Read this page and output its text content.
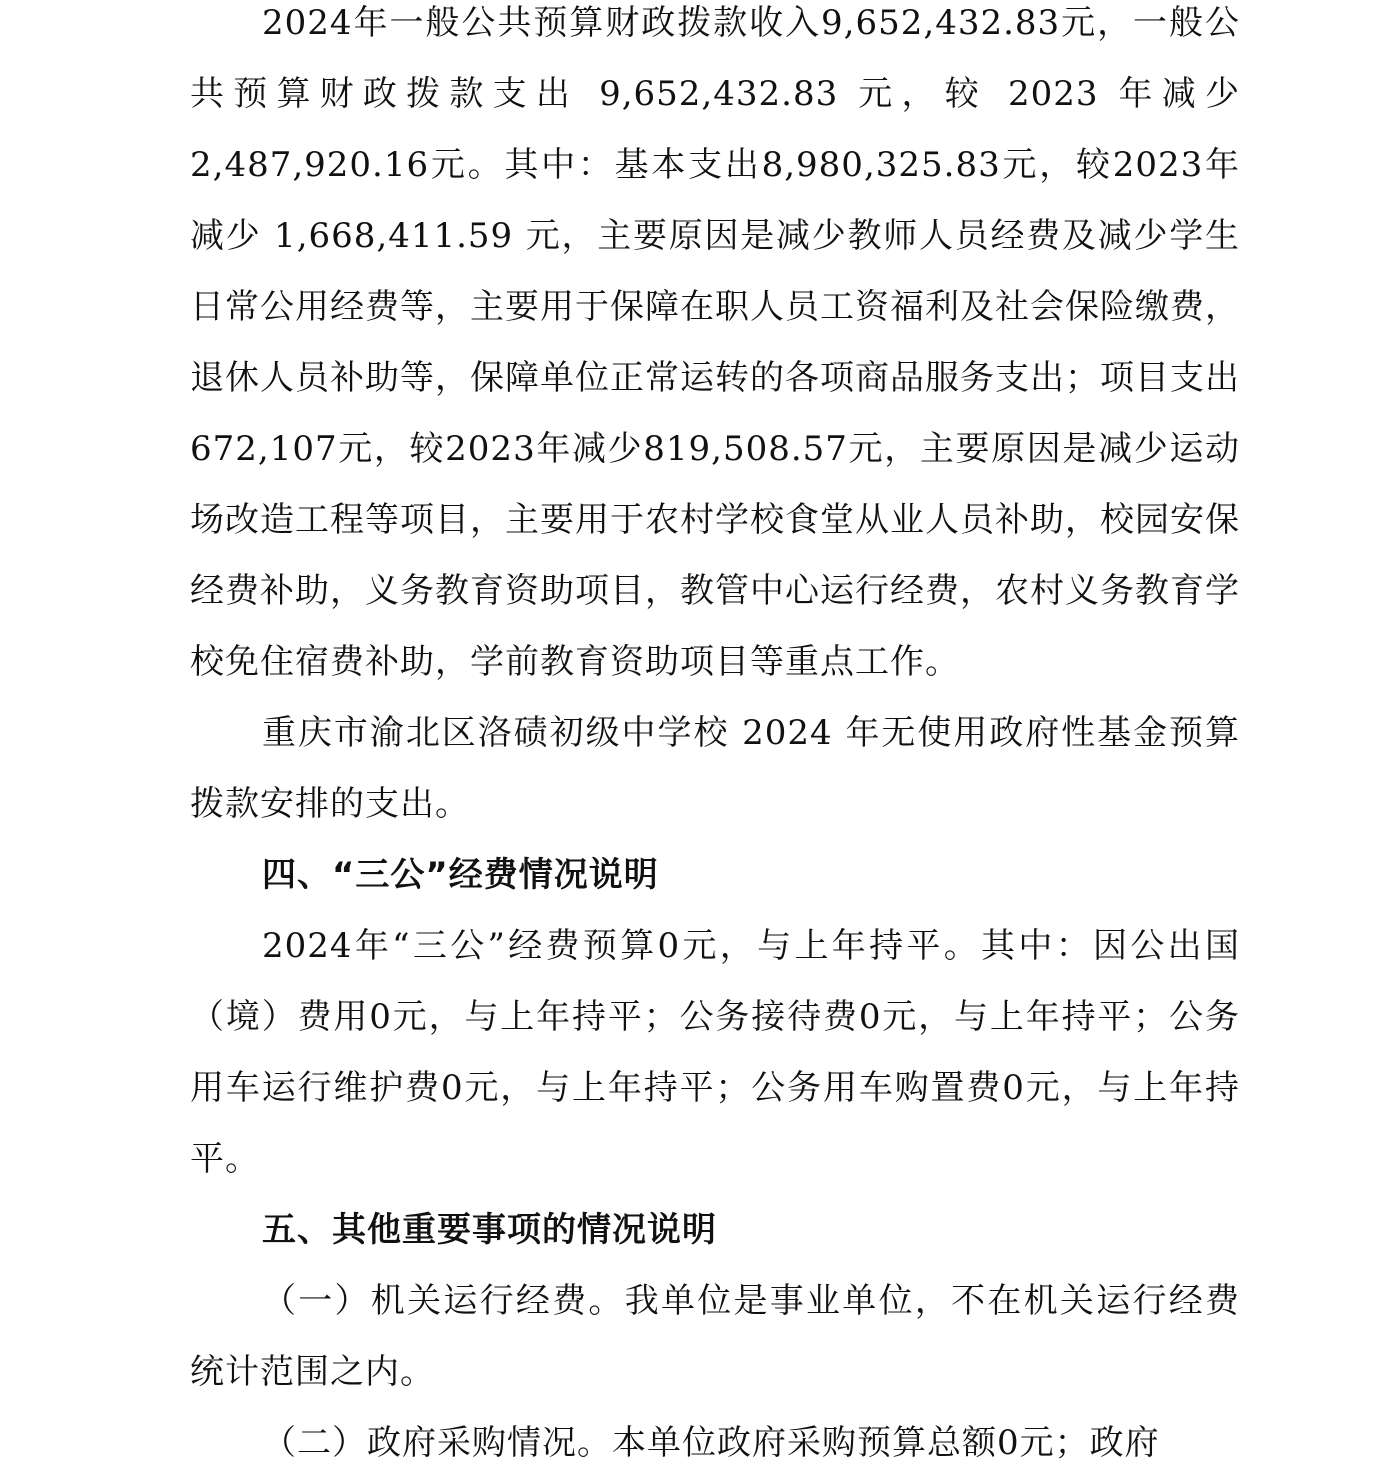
2024年一般公共预算财政拨款收入9,652,432.83元，一般公共预算财政拨款支出 9,652,432.83 元，较 2023 年减少2,487,920.16元。其中：基本支出8,980,325.83元，较2023年减少 1,668,411.59 元，主要原因是减少教师人员经费及减少学生日常公用经费等，主要用于保障在职人员工资福利及社会保险缴费，退休人员补助等，保障单位正常运转的各项商品服务支出；项目支出672,107元，较2023年减少819,508.57元，主要原因是减少运动场改造工程等项目，主要用于农村学校食堂从业人员补助，校园安保经费补助，义务教育资助项目，教管中心运行经费，农村义务教育学校免住宿费补助，学前教育资助项目等重点工作。

重庆市渝北区洛碛初级中学校 2024 年无使用政府性基金预算拨款安排的支出。

四、“三公”经费情况说明

2024年“三公”经费预算0元，与上年持平。其中：因公出国（境）费用0元，与上年持平；公务接待费0元，与上年持平；公务用车运行维护费0元，与上年持平；公务用车购置费0元，与上年持平。

五、其他重要事项的情况说明

（一）机关运行经费。我单位是事业单位，不在机关运行经费统计范围之内。

（二）政府采购情况。本单位政府采购预算总额0元；政府
